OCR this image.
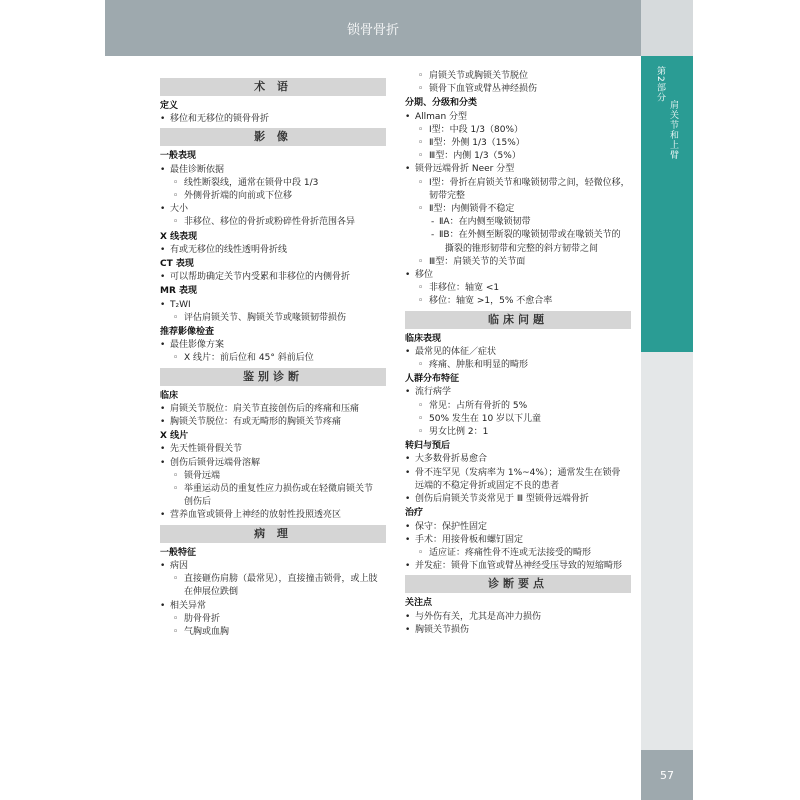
锁骨骨折
第2部分
肩关节和上臂
57
术 语
定义
• 移位和无移位的锁骨骨折
影 像
一般表现
• 最佳诊断依据
◦ 线性断裂线，通常在锁骨中段 1/3
◦ 外侧骨折端的向前或下位移
• 大小
◦ 非移位、移位的骨折或粉碎性骨折范围各异
X 线表现
• 有或无移位的线性透明骨折线
CT 表现
• 可以帮助确定关节内受累和非移位的内侧骨折
MR 表现
• T₂WI
◦ 评估肩锁关节、胸锁关节或喙锁韧带损伤
推荐影像检查
• 最佳影像方案
◦ X 线片：前后位和 45° 斜前后位
鉴别诊断
临床
• 肩锁关节脱位：肩关节直接创伤后的疼痛和压痛
• 胸锁关节脱位：有或无畸形的胸锁关节疼痛
X 线片
• 先天性锁骨假关节
• 创伤后锁骨远端骨溶解
◦ 锁骨远端
◦ 举重运动员的重复性应力损伤或在轻微肩锁关节
创伤后
• 营养血管或锁骨上神经的放射性投照透亮区
病 理
一般特征
• 病因
◦ 直接砸伤肩膀（最常见），直接撞击锁骨，或上肢
在伸展位跌倒
• 相关异常
◦ 肋骨骨折
◦ 气胸或血胸
◦ 肩锁关节或胸锁关节脱位
◦ 锁骨下血管或臂丛神经损伤
分期、分级和分类
• Allman 分型
◦ Ⅰ型：中段 1/3（80%）
◦ Ⅱ型：外侧 1/3（15%）
◦ Ⅲ型：内侧 1/3（5%）
• 锁骨远端骨折 Neer 分型
◦ Ⅰ型：骨折在肩锁关节和喙锁韧带之间，轻微位移，
韧带完整
◦ Ⅱ型：内侧锁骨不稳定
- ⅡA：在内侧至喙锁韧带
- ⅡB：在外侧至断裂的喙锁韧带或在喙锁关节的
撕裂的锥形韧带和完整的斜方韧带之间
◦ Ⅲ型：肩锁关节的关节面
• 移位
◦ 非移位：轴宽 <1
◦ 移位：轴宽 >1，5% 不愈合率
临床问题
临床表现
• 最常见的体征／症状
◦ 疼痛、肿胀和明显的畸形
人群分布特征
• 流行病学
◦ 常见：占所有骨折的 5%
◦ 50% 发生在 10 岁以下儿童
◦ 男女比例 2：1
转归与预后
• 大多数骨折易愈合
• 骨不连罕见（发病率为 1%~4%）；通常发生在锁骨
远端的不稳定骨折或固定不良的患者
• 创伤后肩锁关节炎常见于 Ⅲ 型锁骨远端骨折
治疗
• 保守：保护性固定
• 手术：用接骨板和螺钉固定
◦ 适应证：疼痛性骨不连或无法接受的畸形
• 并发症：锁骨下血管或臂丛神经受压导致的短缩畸形
诊断要点
关注点
• 与外伤有关，尤其是高冲力损伤
• 胸锁关节损伤
